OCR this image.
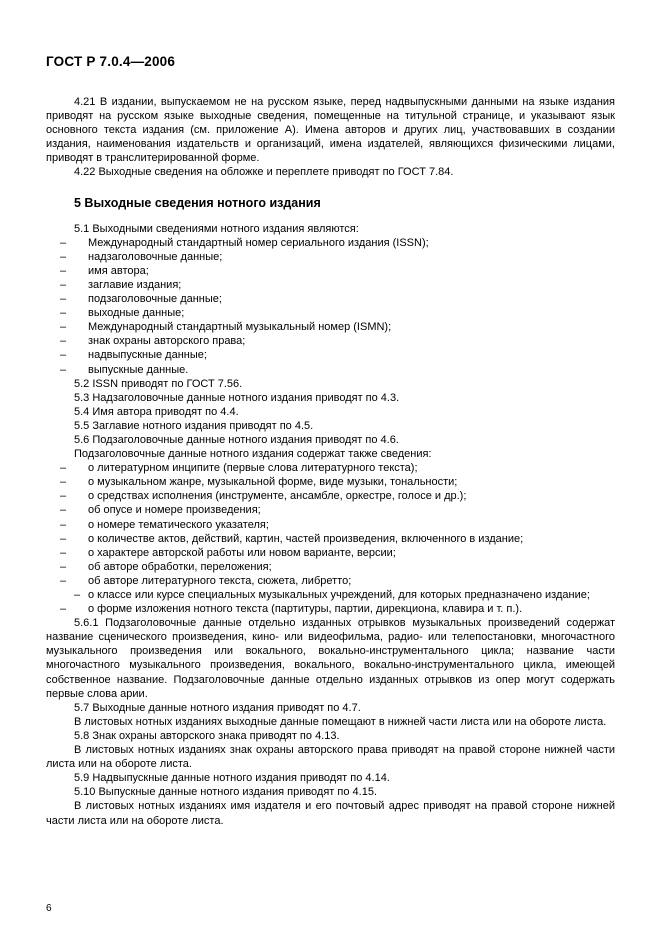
ГОСТ Р 7.0.4—2006

4.21 В издании, выпускаемом не на русском языке, перед надвыпускными данными на языке издания приводят на русском языке выходные сведения, помещенные на титульной странице, и указывают язык основного текста издания (см. приложение А). Имена авторов и других лиц, участвовавших в создании издания, наименования издательств и организаций, имена издателей, являющихся физическими лицами, приводят в транслитерированной форме.

4.22 Выходные сведения на обложке и переплете приводят по ГОСТ 7.84.

5 Выходные сведения нотного издания

5.1 Выходными сведениями нотного издания являются:

– Международный стандартный номер сериального издания (ISSN);

– надзаголовочные данные;

– имя автора;

– заглавие издания;

– подзаголовочные данные;

– выходные данные;

– Международный стандартный музыкальный номер (ISMN);

– знак охраны авторского права;

– надвыпускные данные;

– выпускные данные.

5.2 ISSN приводят по ГОСТ 7.56.

5.3 Надзаголовочные данные нотного издания приводят по 4.3.

5.4 Имя автора приводят по 4.4.

5.5 Заглавие нотного издания приводят по 4.5.

5.6 Подзаголовочные данные нотного издания приводят по 4.6.

Подзаголовочные данные нотного издания содержат также сведения:

– о литературном инципите (первые слова литературного текста);

– о музыкальном жанре, музыкальной форме, виде музыки, тональности;

– о средствах исполнения (инструменте, ансамбле, оркестре, голосе и др.);

– об опусе и номере произведения;

– о номере тематического указателя;

– о количестве актов, действий, картин, частей произведения, включенного в издание;

– о характере авторской работы или новом варианте, версии;

– об авторе обработки, переложения;

– об авторе литературного текста, сюжета, либретто;

– о классе или курсе специальных музыкальных учреждений, для которых предназначено издание;

– о форме изложения нотного текста (партитуры, партии, дирекциона, клавира и т. п.).

5.6.1 Подзаголовочные данные отдельно изданных отрывков музыкальных произведений содержат название сценического произведения, кино- или видеофильма, радио- или телепостановки, многочастного музыкального произведения или вокального, вокально-инструментального цикла; название части многочастного музыкального произведения, вокального, вокально-инструментального цикла, имеющей собственное название. Подзаголовочные данные отдельно изданных отрывков из опер могут содержать первые слова арии.

5.7 Выходные данные нотного издания приводят по 4.7.

В листовых нотных изданиях выходные данные помещают в нижней части листа или на обороте листа.

5.8 Знак охраны авторского знака приводят по 4.13.

В листовых нотных изданиях знак охраны авторского права приводят на правой стороне нижней части листа или на обороте листа.

5.9 Надвыпускные данные нотного издания приводят по 4.14.

5.10 Выпускные данные нотного издания приводят по 4.15.

В листовых нотных изданиях имя издателя и его почтовый адрес приводят на правой стороне нижней части листа или на обороте листа.

6
